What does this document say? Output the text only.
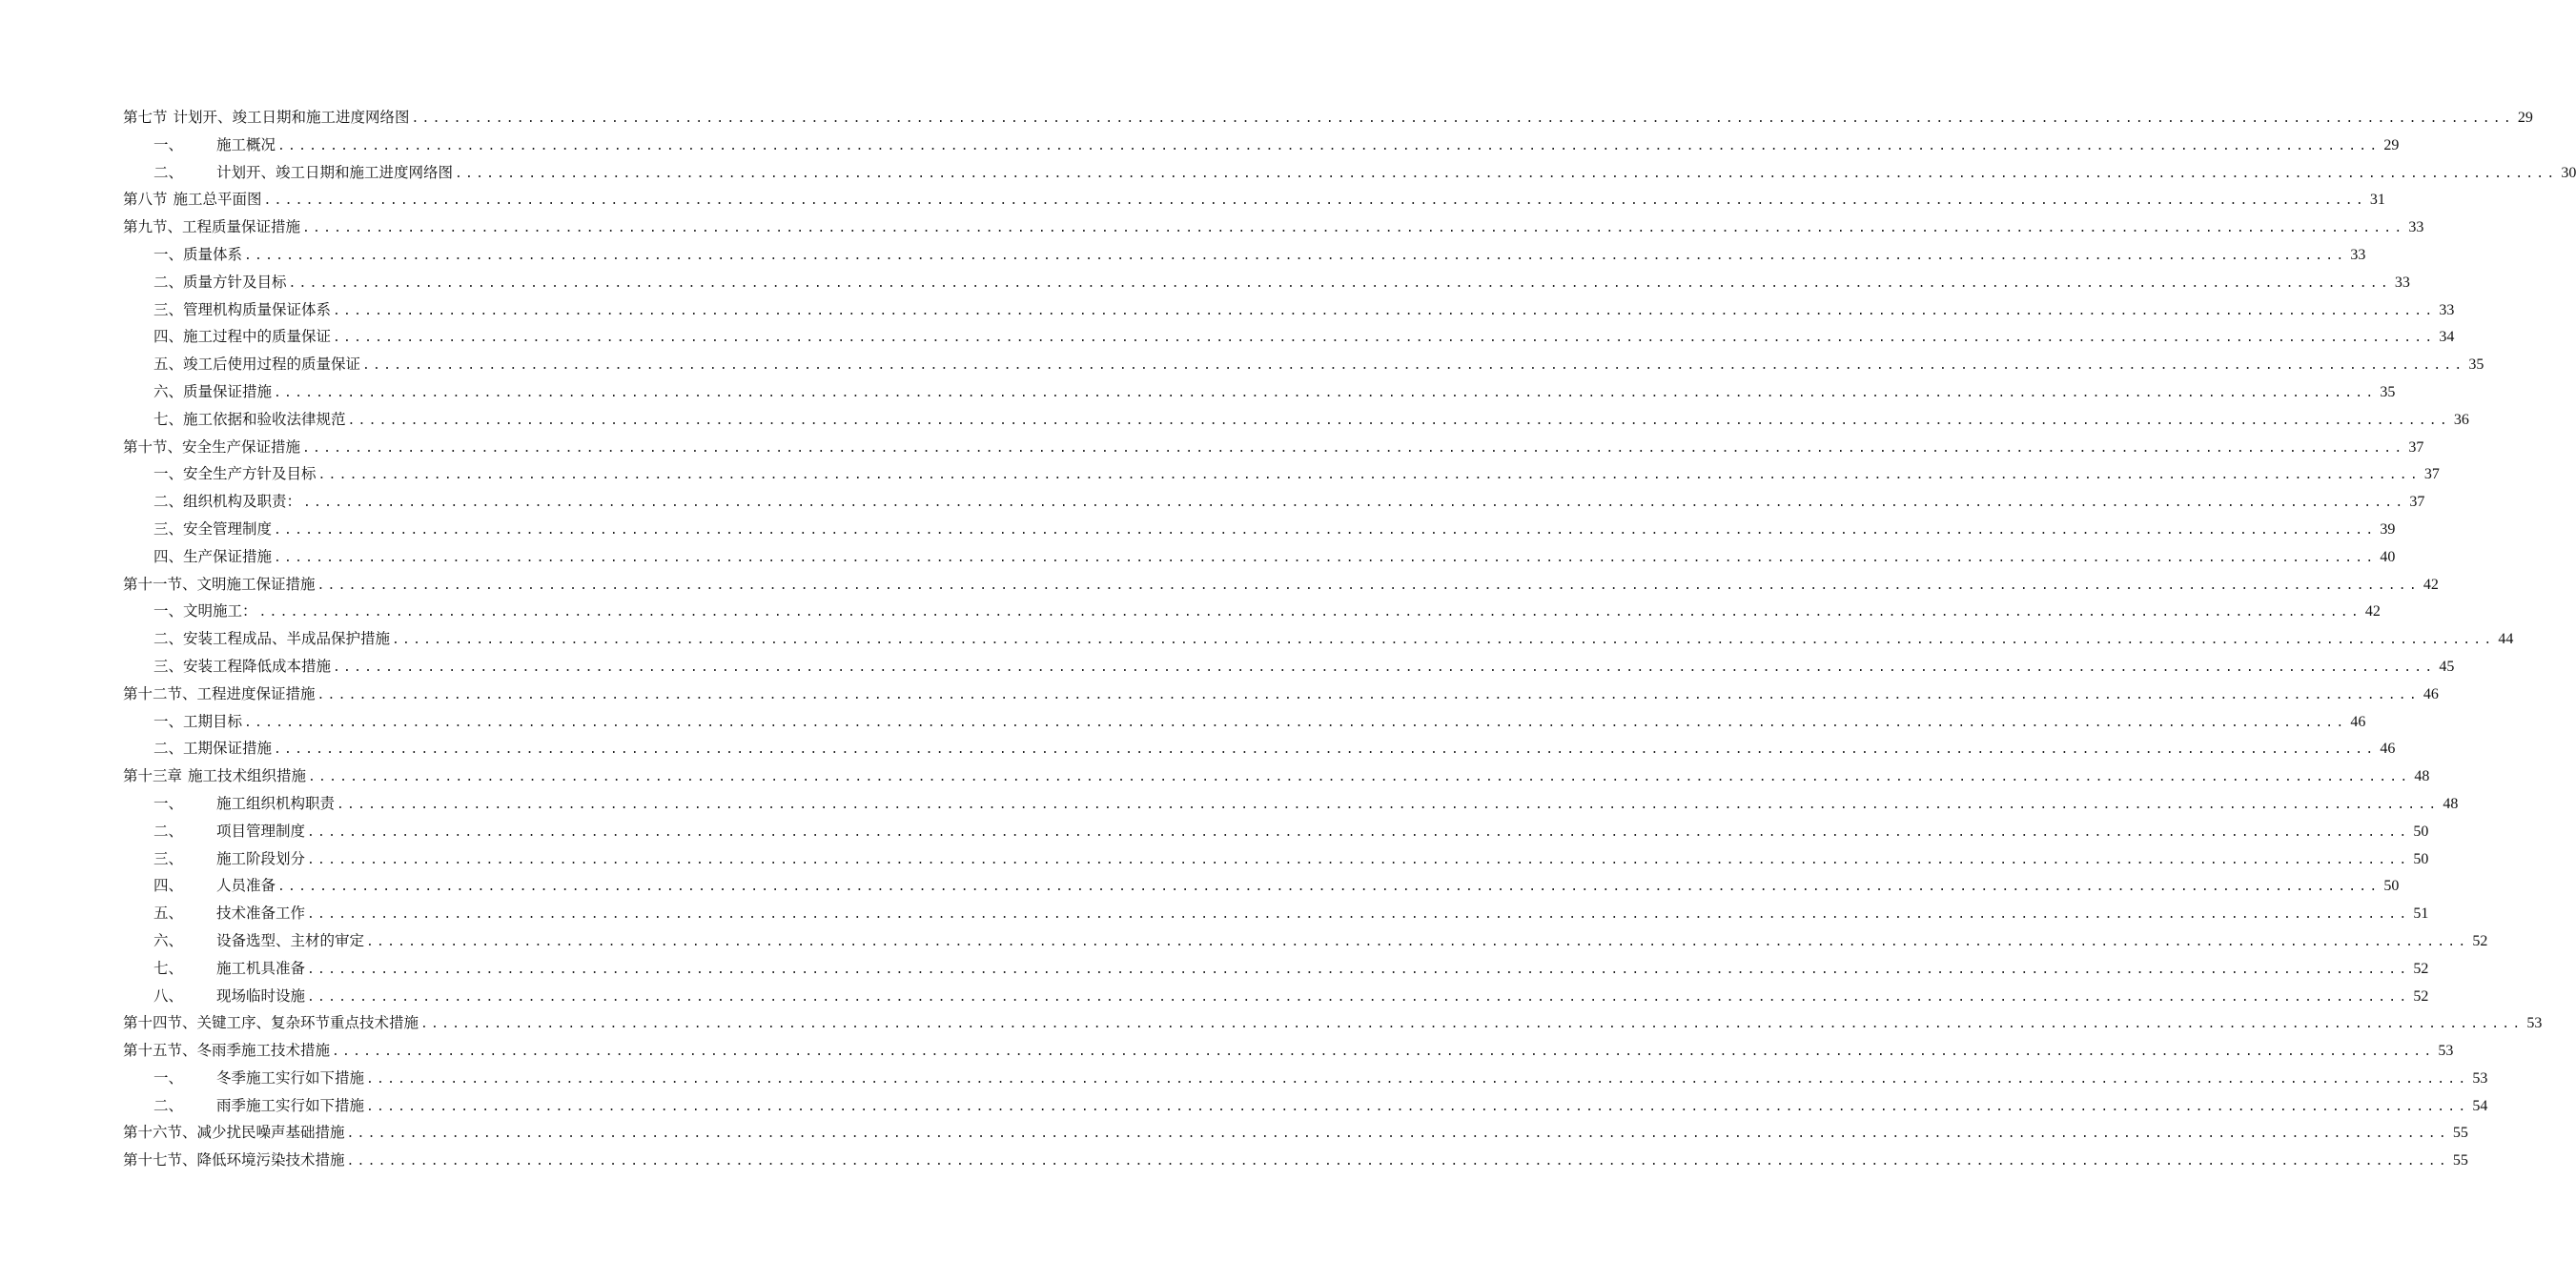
第七节 计划开、竣工日期和施工进度网络图 ........................................................................................................................................................................................................ 29
一、	施工概况 ........................................................................................................................................................................................................ 29
二、	计划开、竣工日期和施工进度网络图 ........................................................................................................................................................................................................ 30
第八节 施工总平面图 ........................................................................................................................................................................................................ 31
第九节、工程质量保证措施 ........................................................................................................................................................................................................ 33
一、质量体系 ........................................................................................................................................................................................................ 33
二、质量方针及目标 ........................................................................................................................................................................................................ 33
三、管理机构质量保证体系 ........................................................................................................................................................................................................ 33
四、施工过程中的质量保证 ........................................................................................................................................................................................................ 34
五、竣工后使用过程的质量保证 ........................................................................................................................................................................................................ 35
六、质量保证措施 ........................................................................................................................................................................................................ 35
七、施工依据和验收法律规范 ........................................................................................................................................................................................................ 36
第十节、安全生产保证措施 ........................................................................................................................................................................................................ 37
一、安全生产方针及目标 ........................................................................................................................................................................................................ 37
二、组织机构及职责： ........................................................................................................................................................................................................ 37
三、安全管理制度 ........................................................................................................................................................................................................ 39
四、生产保证措施 ........................................................................................................................................................................................................ 40
第十一节、文明施工保证措施 ........................................................................................................................................................................................................ 42
一、文明施工： ........................................................................................................................................................................................................ 42
二、安装工程成品、半成品保护措施 ........................................................................................................................................................................................................ 44
三、安装工程降低成本措施 ........................................................................................................................................................................................................ 45
第十二节、工程进度保证措施 ........................................................................................................................................................................................................ 46
一、工期目标 ........................................................................................................................................................................................................ 46
二、工期保证措施 ........................................................................................................................................................................................................ 46
第十三章 施工技术组织措施 ........................................................................................................................................................................................................ 48
一、	施工组织机构职责 ........................................................................................................................................................................................................ 48
二、	项目管理制度 ........................................................................................................................................................................................................ 50
三、	施工阶段划分 ........................................................................................................................................................................................................ 50
四、	人员准备 ........................................................................................................................................................................................................ 50
五、	技术准备工作 ........................................................................................................................................................................................................ 51
六、	设备选型、主材的审定 ........................................................................................................................................................................................................ 52
七、	施工机具准备 ........................................................................................................................................................................................................ 52
八、	现场临时设施 ........................................................................................................................................................................................................ 52
第十四节、关键工序、复杂环节重点技术措施 ........................................................................................................................................................................................................ 53
第十五节、冬雨季施工技术措施 ........................................................................................................................................................................................................ 53
一、	冬季施工实行如下措施 ........................................................................................................................................................................................................ 53
二、	雨季施工实行如下措施 ........................................................................................................................................................................................................ 54
第十六节、减少扰民噪声基础措施 ........................................................................................................................................................................................................ 55
第十七节、降低环境污染技术措施 ........................................................................................................................................................................................................ 55
